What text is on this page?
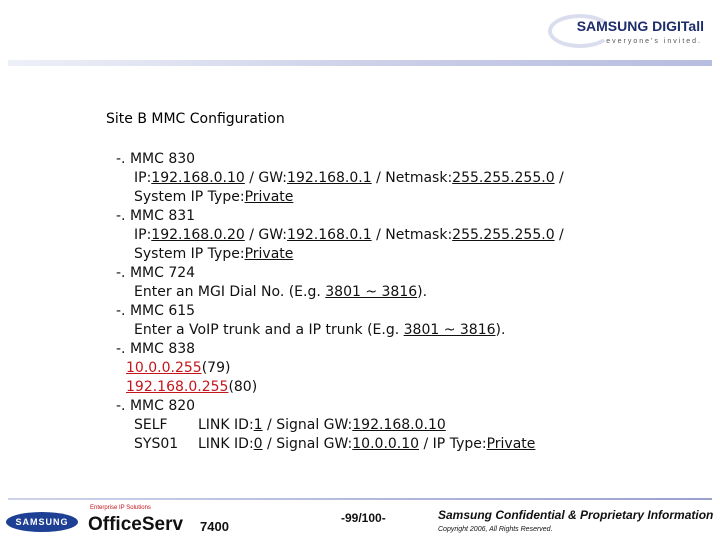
SAMSUNG DIGITall
everyone's invited.
Site B MMC Configuration
-. MMC 830
IP:192.168.0.10 / GW:192.168.0.1 / Netmask:255.255.255.0 /
System IP Type:Private
-. MMC 831
IP:192.168.0.20 / GW:192.168.0.1 / Netmask:255.255.255.0 /
System IP Type:Private
-. MMC 724
Enter an MGI Dial No. (E.g. 3801 ~ 3816).
-. MMC 615
Enter a VoIP trunk and a IP trunk (E.g. 3801 ~ 3816).
-. MMC 838
10.0.0.255(79)
192.168.0.255(80)
-. MMC 820
SELF LINK ID:1 / Signal GW:192.168.0.10
SYS01 LINK ID:0 / Signal GW:10.0.0.10 / IP Type:Private
SAMSUNG
Enterprise IP Solutions
OfficeServ 7400
-99/100-	Samsung Confidential & Proprietary Information
Copyright 2006, All Rights Reserved.
